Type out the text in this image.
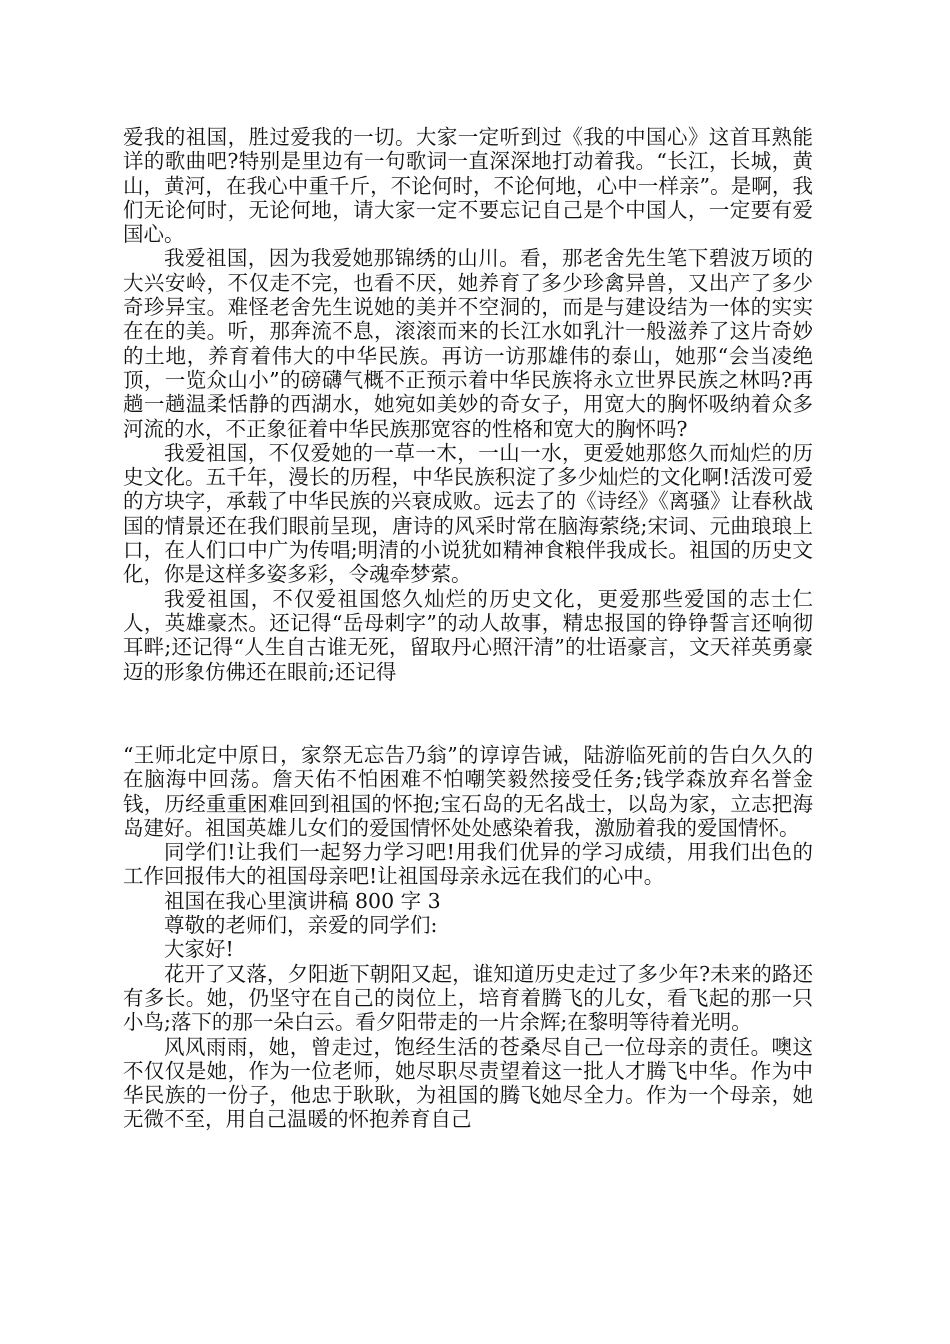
爱我的祖国，胜过爱我的一切。大家一定听到过《我的中国心》这首耳熟能详的歌曲吧?特别是里边有一句歌词一直深深地打动着我。“长江，长城，黄山，黄河，在我心中重千斤，不论何时，不论何地，心中一样亲”。是啊，我们无论何时，无论何地，请大家一定不要忘记自己是个中国人，一定要有爱国心。

我爱祖国，因为我爱她那锦绣的山川。看，那老舍先生笔下碧波万顷的大兴安岭，不仅走不完，也看不厌，她养育了多少珍禽异兽，又出产了多少奇珍异宝。难怪老舍先生说她的美并不空洞的，而是与建设结为一体的实实在在的美。听，那奔流不息，滚滚而来的长江水如乳汁一般滋养了这片奇妙的土地，养育着伟大的中华民族。再访一访那雄伟的泰山，她那“会当凌绝顶，一览众山小”的磅礴气概不正预示着中华民族将永立世界民族之林吗?再趟一趟温柔恬静的西湖水，她宛如美妙的奇女子，用宽大的胸怀吸纳着众多河流的水，不正象征着中华民族那宽容的性格和宽大的胸怀吗?

我爱祖国，不仅爱她的一草一木，一山一水，更爱她那悠久而灿烂的历史文化。五千年，漫长的历程，中华民族积淀了多少灿烂的文化啊!活泼可爱的方块字，承载了中华民族的兴衰成败。远去了的《诗经》《离骚》让春秋战国的情景还在我们眼前呈现，唐诗的风采时常在脑海萦绕;宋词、元曲琅琅上口，在人们口中广为传唱;明清的小说犹如精神食粮伴我成长。祖国的历史文化，你是这样多姿多彩，令魂牵梦萦。

我爱祖国，不仅爱祖国悠久灿烂的历史文化，更爱那些爱国的志士仁人，英雄豪杰。还记得“岳母刺字”的动人故事，精忠报国的铮铮誓言还响彻耳畔;还记得“人生自古谁无死，留取丹心照汗清”的壮语豪言，文天祥英勇豪迈的形象仿佛还在眼前;还记得

“王师北定中原日，家祭无忘告乃翁”的谆谆告诫，陆游临死前的告白久久的在脑海中回荡。詹天佑不怕困难不怕嘲笑毅然接受任务;钱学森放弃名誉金钱，历经重重困难回到祖国的怀抱;宝石岛的无名战士，以岛为家，立志把海岛建好。祖国英雄儿女们的爱国情怀处处感染着我，激励着我的爱国情怀。

同学们!让我们一起努力学习吧!用我们优异的学习成绩，用我们出色的工作回报伟大的祖国母亲吧!让祖国母亲永远在我们的心中。

祖国在我心里演讲稿 800 字 3

尊敬的老师们，亲爱的同学们:

大家好!

花开了又落，夕阳逝下朝阳又起，谁知道历史走过了多少年?未来的路还有多长。她，仍坚守在自己的岗位上，培育着腾飞的儿女，看飞起的那一只小鸟;落下的那一朵白云。看夕阳带走的一片余辉;在黎明等待着光明。

风风雨雨，她，曾走过，饱经生活的苍桑尽自己一位母亲的责任。噢这不仅仅是她，作为一位老师，她尽职尽责望着这一批人才腾飞中华。作为中华民族的一份子，他忠于耿耿，为祖国的腾飞她尽全力。作为一个母亲，她无微不至，用自己温暖的怀抱养育自己
